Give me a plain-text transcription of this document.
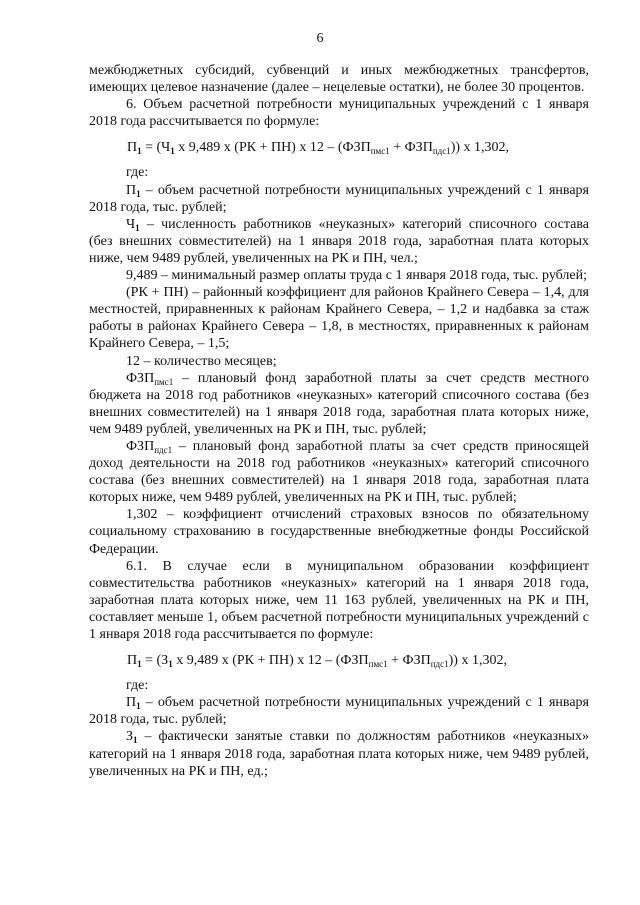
6

межбюджетных субсидий, субвенций и иных межбюджетных трансфертов, имеющих целевое назначение (далее – нецелевые остатки), не более 30 процентов.

6. Объем расчетной потребности муниципальных учреждений с 1 января 2018 года рассчитывается по формуле:

$П_1 = (Ч_1$ x 9,489 x (РК + ПН) x $12 - (ФЗП_{пмс1} + ФЗП_{пдс1})$) x 1,302,

где:

$П_1$ – объем расчетной потребности муниципальных учреждений с 1 января 2018 года, тыс. рублей;

$Ч_1$ – численность работников «неуказных» категорий списочного состава (без внешних совместителей) на 1 января 2018 года, заработная плата которых ниже, чем 9489 рублей, увеличенных на РК и ПН, чел.;

9,489 – минимальный размер оплаты труда с 1 января 2018 года, тыс. рублей;

(РК + ПН) – районный коэффициент для районов Крайнего Севера – 1,4, для местностей, приравненных к районам Крайнего Севера, – 1,2 и надбавка за стаж работы в районах Крайнего Севера – 1,8, в местностях, приравненных к районам Крайнего Севера, – 1,5;

12 – количество месяцев;

$ФЗП_{пмс1}$ – плановый фонд заработной платы за счет средств местного бюджета на 2018 год работников «неуказных» категорий списочного состава (без внешних совместителей) на 1 января 2018 года, заработная плата которых ниже, чем 9489 рублей, увеличенных на РК и ПН, тыс. рублей;

$ФЗП_{пдс1}$ – плановый фонд заработной платы за счет средств приносящей доход деятельности на 2018 год работников «неуказных» категорий списочного состава (без внешних совместителей) на 1 января 2018 года, заработная плата которых ниже, чем 9489 рублей, увеличенных на РК и ПН, тыс. рублей;

1,302 – коэффициент отчислений страховых взносов по обязательному социальному страхованию в государственные внебюджетные фонды Российской Федерации.

6.1. В случае если в муниципальном образовании коэффициент совместительства работников «неуказных» категорий на 1 января 2018 года, заработная плата которых ниже, чем 11 163 рублей, увеличенных на РК и ПН, составляет меньше 1, объем расчетной потребности муниципальных учреждений с 1 января 2018 года рассчитывается по формуле:

$П_1 = (З_1$ x 9,489 x (РК + ПН) x $12 - (ФЗП_{пмс1} + ФЗП_{пдс1})$) x 1,302,

где:

$П_1$ – объем расчетной потребности муниципальных учреждений с 1 января 2018 года, тыс. рублей;

$З_1$ – фактически занятые ставки по должностям работников «неуказных» категорий на 1 января 2018 года, заработная плата которых ниже, чем 9489 рублей, увеличенных на РК и ПН, ед.;
